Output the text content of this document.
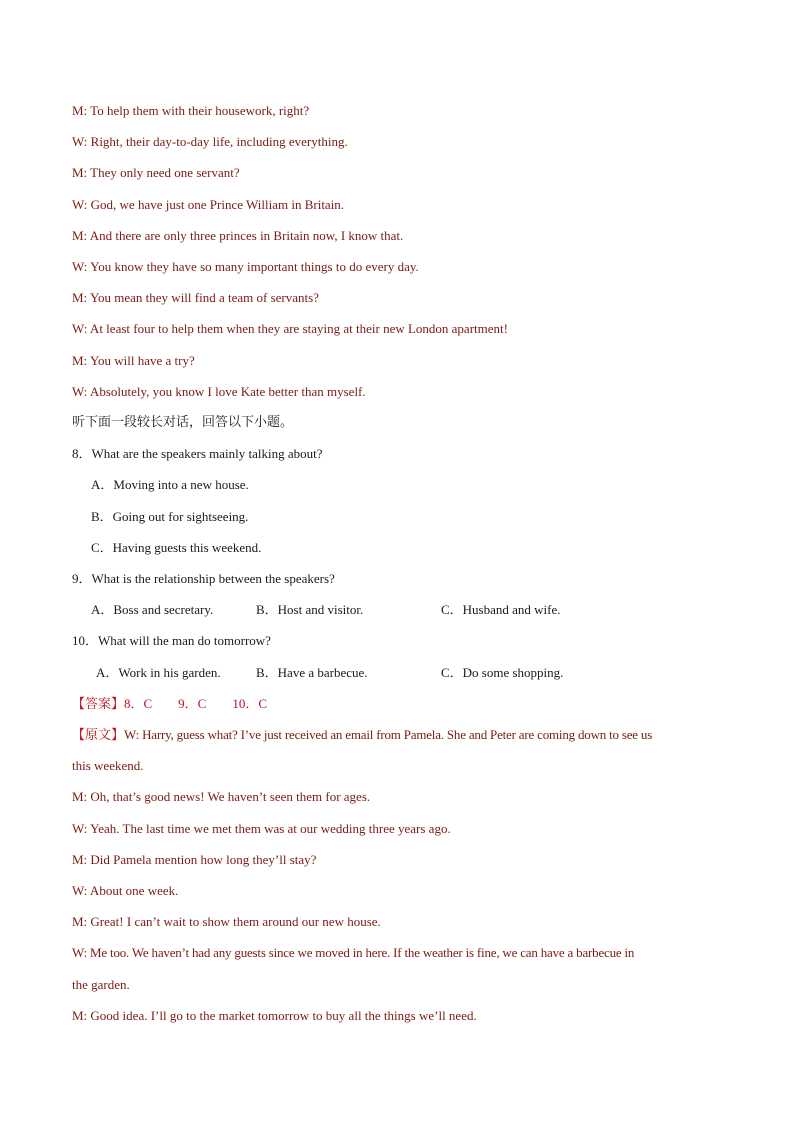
M: To help them with their housework, right?
W: Right, their day-to-day life, including everything.
M: They only need one servant?
W: God, we have just one Prince William in Britain.
M: And there are only three princes in Britain now, I know that.
W: You know they have so many important things to do every day.
M: You mean they will find a team of servants?
W: At least four to help them when they are staying at their new London apartment!
M: You will have a try?
W: Absolutely, you know I love Kate better than myself.
听下面一段较长对话，回答以下小题。
8．What are the speakers mainly talking about?
A．Moving into a new house.
B．Going out for sightseeing.
C．Having guests this weekend.
9．What is the relationship between the speakers?
A．Boss and secretary.	B．Host and visitor.	C．Husband and wife.
10．What will the man do tomorrow?
A．Work in his garden.	B．Have a barbecue.	C．Do some shopping.
【答案】8．C　　9．C　　10．C
【原文】W: Harry, guess what? I’ve just received an email from Pamela. She and Peter are coming down to see us
this weekend.
M: Oh, that’s good news! We haven’t seen them for ages.
W: Yeah. The last time we met them was at our wedding three years ago.
M: Did Pamela mention how long they’ll stay?
W: About one week.
M: Great! I can’t wait to show them around our new house.
W: Me too. We haven’t had any guests since we moved in here. If the weather is fine, we can have a barbecue in
the garden.
M: Good idea. I’ll go to the market tomorrow to buy all the things we’ll need.
